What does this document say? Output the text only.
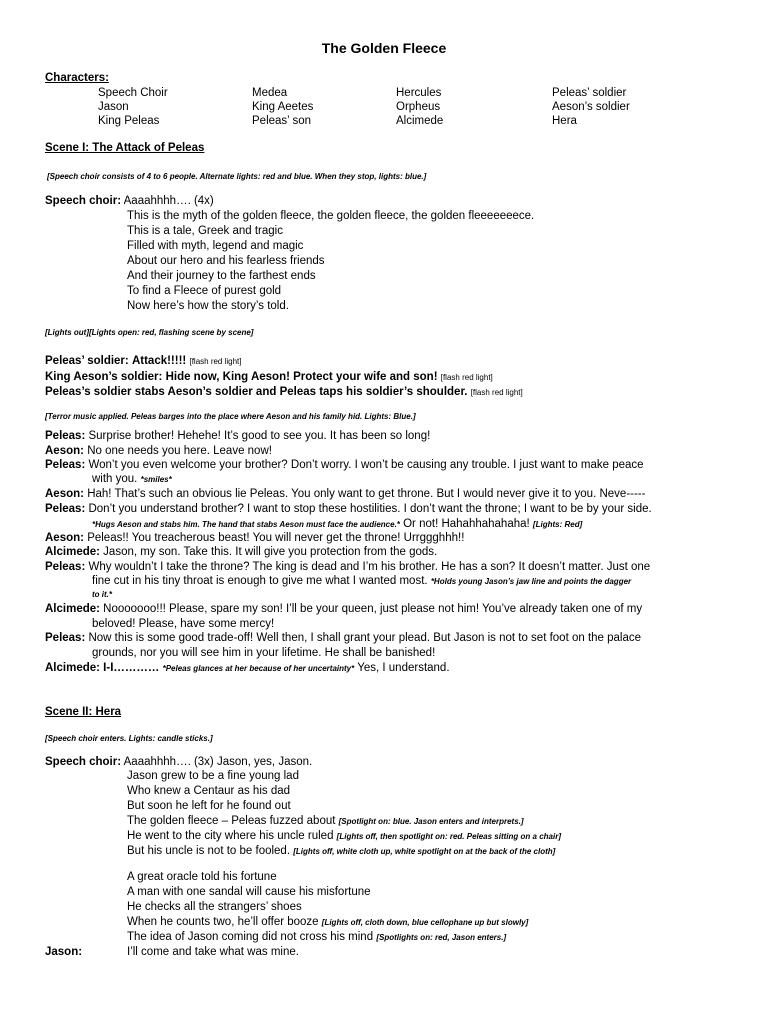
The Golden Fleece
Characters:
Speech Choir	Medea	Hercules	Peleas’ soldier
Jason	King Aeetes	Orpheus	Aeson’s soldier
King Peleas	Peleas’ son	Alcimede	Hera
Scene I: The Attack of Peleas
[Speech choir consists of 4 to 6 people. Alternate lights: red and blue. When they stop, lights: blue.]
Speech choir: Aaaahhhh…. (4x)
This is the myth of the golden fleece, the golden fleece, the golden fleeeeeeece.
This is a tale, Greek and tragic
Filled with myth, legend and magic
About our hero and his fearless friends
And their journey to the farthest ends
To find a Fleece of purest gold
Now here’s how the story’s told.
[Lights out][Lights open: red, flashing scene by scene]
Peleas’ soldier: Attack!!!!! [flash red light]
King Aeson’s soldier: Hide now, King Aeson! Protect your wife and son! [flash red light]
Peleas’s soldier stabs Aeson’s soldier and Peleas taps his soldier’s shoulder. [flash red light]
[Terror music applied. Peleas barges into the place where Aeson and his family hid. Lights: Blue.]
Peleas: Surprise brother! Hehehe! It’s good to see you. It has been so long!
Aeson: No one needs you here. Leave now!
Peleas: Won’t you even welcome your brother? Don’t worry. I won’t be causing any trouble. I just want to make peace
with you. *smiles*
Aeson: Hah! That’s such an obvious lie Peleas. You only want to get throne. But I would never give it to you. Neve-----
Peleas: Don’t you understand brother? I want to stop these hostilities. I don’t want the throne; I want to be by your side.
*Hugs Aeson and stabs him. The hand that stabs Aeson must face the audience.* Or not! Hahahhahahaha! [Lights: Red]
Aeson: Peleas!! You treacherous beast! You will never get the throne! Urrggghhh!!
Alcimede: Jason, my son. Take this. It will give you protection from the gods.
Peleas: Why wouldn’t I take the throne? The king is dead and I’m his brother. He has a son? It doesn’t matter. Just one
fine cut in his tiny throat is enough to give me what I wanted most. *Holds young Jason’s jaw line and points the dagger
to it.*
Alcimede: Nooooooo!!! Please, spare my son! I’ll be your queen, just please not him! You’ve already taken one of my
beloved! Please, have some mercy!
Peleas: Now this is some good trade-off! Well then, I shall grant your plead. But Jason is not to set foot on the palace
grounds, nor you will see him in your lifetime. He shall be banished!
Alcimede: I-I………… *Peleas glances at her because of her uncertainty* Yes, I understand.
Scene II: Hera
[Speech choir enters. Lights: candle sticks.]
Speech choir: Aaaahhhh…. (3x) Jason, yes, Jason.
Jason grew to be a fine young lad
Who knew a Centaur as his dad
But soon he left for he found out
The golden fleece – Peleas fuzzed about [Spotlight on: blue. Jason enters and interprets.]
He went to the city where his uncle ruled [Lights off, then spotlight on: red. Peleas sitting on a chair]
But his uncle is not to be fooled. [Lights off, white cloth up, white spotlight on at the back of the cloth]
A great oracle told his fortune
A man with one sandal will cause his misfortune
He checks all the strangers’ shoes
When he counts two, he’ll offer booze [Lights off, cloth down, blue cellophane up but slowly]
The idea of Jason coming did not cross his mind [Spotlights on: red, Jason enters.]
Jason:	I’ll come and take what was mine.
